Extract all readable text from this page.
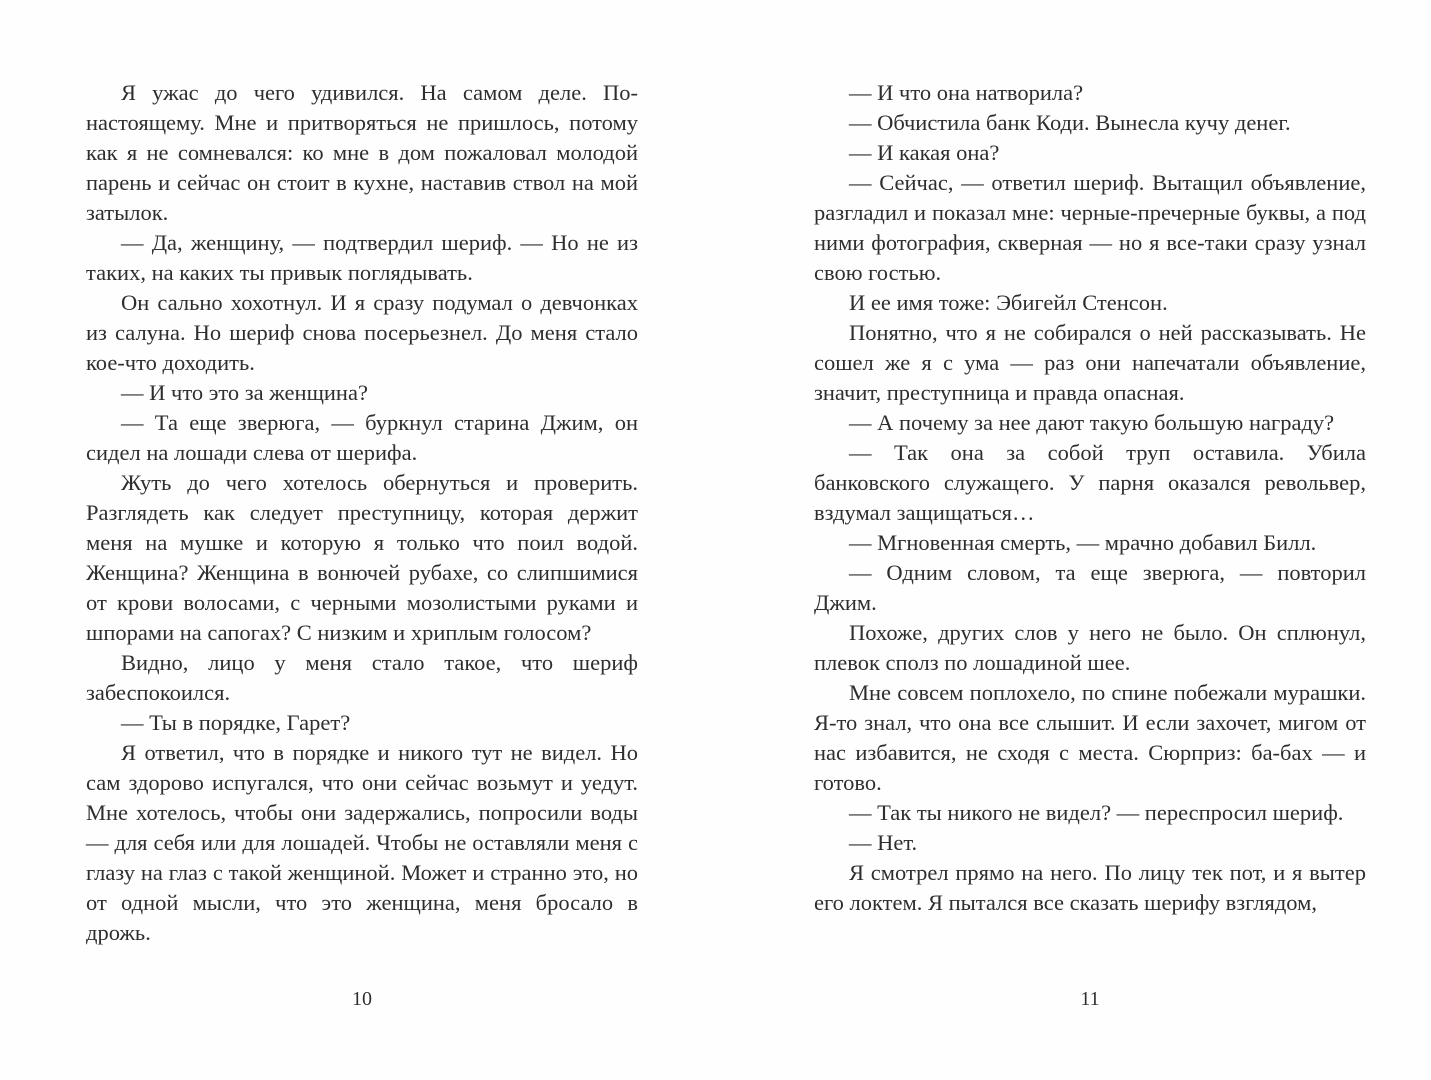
Я ужас до чего удивился. На самом деле. По-настоящему. Мне и притворяться не пришлось, потому как я не сомневался: ко мне в дом пожаловал молодой парень и сейчас он стоит в кухне, наставив ствол на мой затылок.

— Да, женщину, — подтвердил шериф. — Но не из таких, на каких ты привык поглядывать.

Он сально хохотнул. И я сразу подумал о девчонках из салуна. Но шериф снова посерьезнел. До меня стало кое-что доходить.

— И что это за женщина?

— Та еще зверюга, — буркнул старина Джим, он сидел на лошади слева от шерифа.

Жуть до чего хотелось обернуться и проверить. Разглядеть как следует преступницу, которая держит меня на мушке и которую я только что поил водой. Женщина? Женщина в вонючей рубахе, со слипшимися от крови волосами, с черными мозолистыми руками и шпорами на сапогах? С низким и хриплым голосом?

Видно, лицо у меня стало такое, что шериф забеспокоился.

— Ты в порядке, Гарет?

Я ответил, что в порядке и никого тут не видел. Но сам здорово испугался, что они сейчас возьмут и уедут. Мне хотелось, чтобы они задержались, попросили воды — для себя или для лошадей. Чтобы не оставляли меня с глазу на глаз с такой женщиной. Может и странно это, но от одной мысли, что это женщина, меня бросало в дрожь.

10

— И что она натворила?

— Обчистила банк Коди. Вынесла кучу денег.

— И какая она?

— Сейчас, — ответил шериф. Вытащил объявление, разгладил и показал мне: черные-пречерные буквы, а под ними фотография, скверная — но я все-таки сразу узнал свою гостью.

И ее имя тоже: Эбигейл Стенсон.

Понятно, что я не собирался о ней рассказывать. Не сошел же я с ума — раз они напечатали объявление, значит, преступница и правда опасная.

— А почему за нее дают такую большую награду?

— Так она за собой труп оставила. Убила банковского служащего. У парня оказался револьвер, вздумал защищаться…

— Мгновенная смерть, — мрачно добавил Билл.

— Одним словом, та еще зверюга, — повторил Джим.

Похоже, других слов у него не было. Он сплюнул, плевок сполз по лошадиной шее.

Мне совсем поплохело, по спине побежали мурашки. Я-то знал, что она все слышит. И если захочет, мигом от нас избавится, не сходя с места. Сюрприз: ба-бах — и готово.

— Так ты никого не видел? — переспросил шериф.

— Нет.

Я смотрел прямо на него. По лицу тек пот, и я вытер его локтем. Я пытался все сказать шерифу взглядом,

11
